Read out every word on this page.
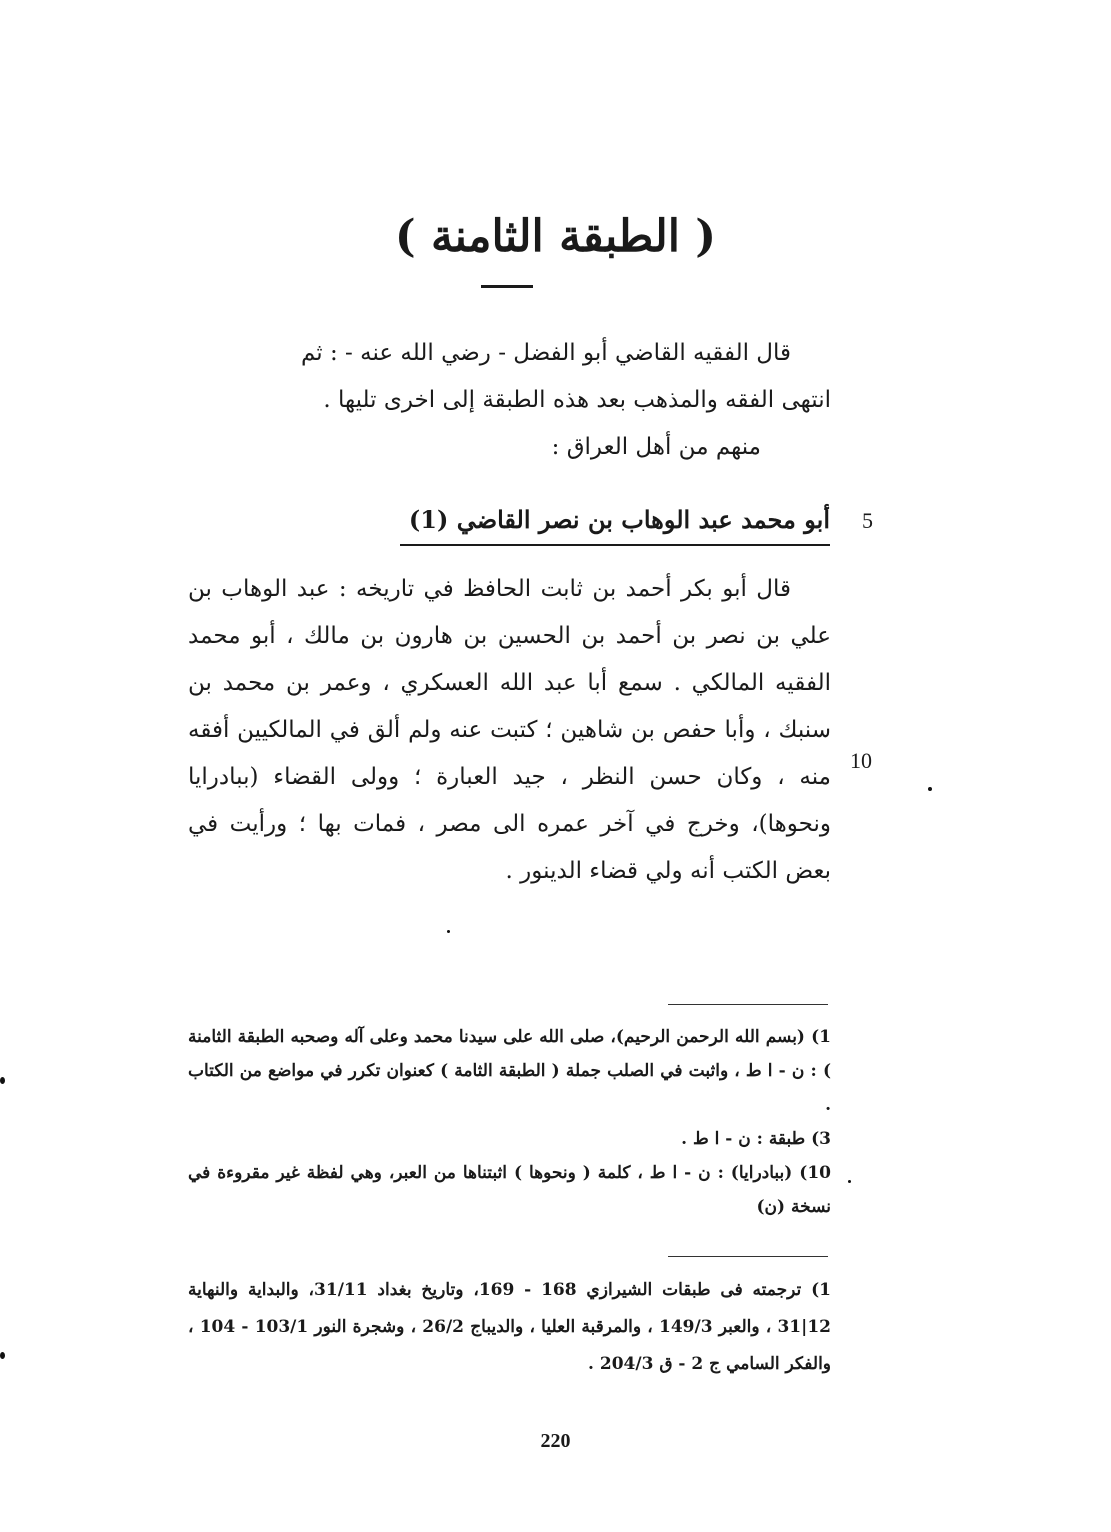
( الطبقة الثامنة )

قال الفقيه القاضي أبو الفضل - رضي الله عنه - : ثم

انتهى الفقه والمذهب بعد هذه الطبقة إلى اخرى تليها .

منهم من أهل العراق :

5
أبو محمد عبد الوهاب بن نصر القاضي (1)

قال أبو بكر أحمد بن ثابت الحافظ في تاريخه : عبد الوهاب بن علي بن نصر بن أحمد بن الحسين بن هارون بن مالك ، أبو محمد الفقيه المالكي . سمع أبا عبد الله العسكري ، وعمر بن محمد بن سنبك ، وأبا حفص بن شاهين ؛ كتبت عنه ولم ألق في المالكيين أفقه منه ، وكان حسن النظر ، جيد العبارة ؛ وولى القضاء (ببادرايا ونحوها)، وخرج في آخر عمره الى مصر ، فمات بها ؛ ورأيت في بعض الكتب أنه ولي قضاء الدينور .

10

1) (بسم الله الرحمن الرحيم)، صلى الله على سيدنا محمد وعلى آله وصحبه الطبقة الثامنة ) : ن - ا ط ، واثبت في الصلب جملة ( الطبقة الثامة ) كعنوان تكرر في مواضع من الكتاب .

3) طبقة : ن - ا ط .

10) (ببادرايا) : ن - ا ط ، كلمة ( ونحوها ) اثبتناها من العبر، وهي لفظة غير مقروءة في نسخة (ن)

1) ترجمته فى طبقات الشيرازي 168 - 169، وتاريخ بغداد 31/11، والبداية والنهاية 12|31 ، والعبر 149/3 ، والمرقبة العليا ، والديباج 26/2 ، وشجرة النور 103/1 - 104 ، والفكر السامي ج 2 - ق 204/3 .

220
